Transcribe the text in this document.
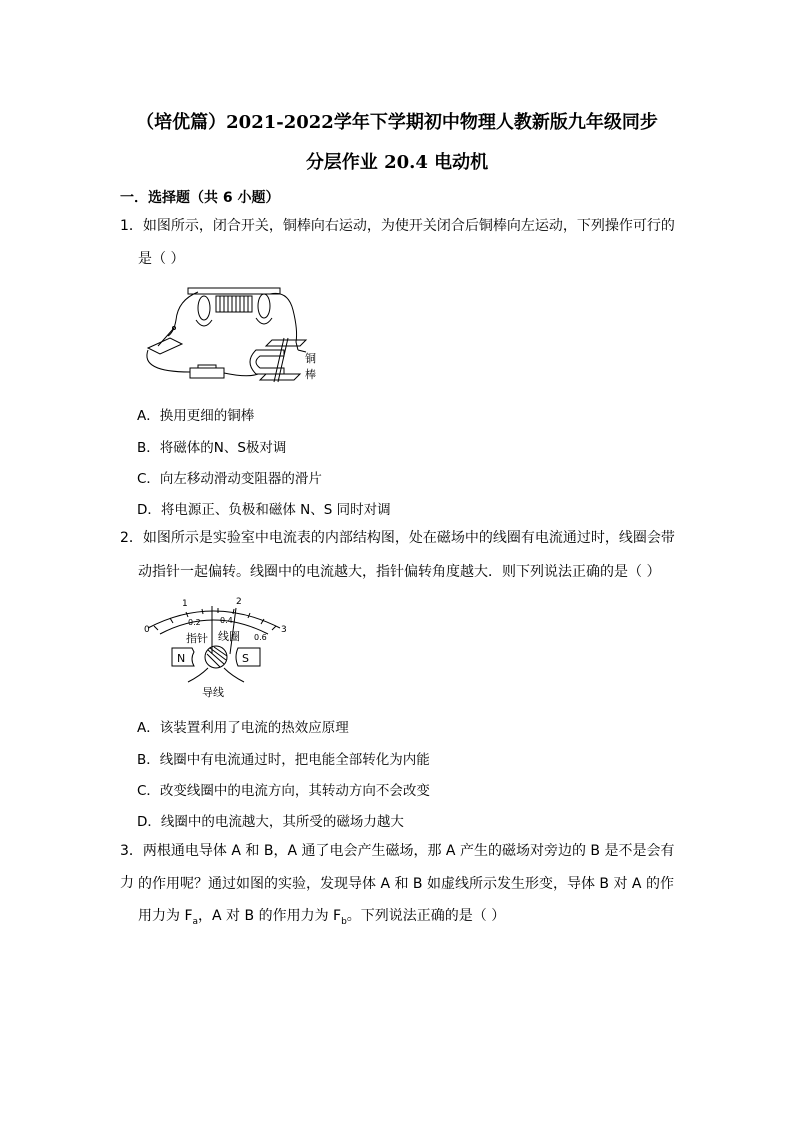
（培优篇）2021-2022学年下学期初中物理人教新版九年级同步
分层作业 20.4 电动机
一．选择题（共 6 小题）
1．如图所示，闭合开关，铜棒向右运动，为使开关闭合后铜棒向左运动，下列操作可行的
是（ ）
铜
棒
A．换用更细的铜棒
B．将磁体的N、S极对调
C．向左移动滑动变阻器的滑片
D．将电源正、负极和磁体 N、S 同时对调
2．如图所示是实验室中电流表的内部结构图，处在磁场中的线圈有电流通过时，线圈会带
动指针一起偏转。线圈中的电流越大，指针偏转角度越大．则下列说法正确的是（ ）
0
1	2
3
0.2 0.4
0.6
指针 线圈
N	S
导线
A．该装置利用了电流的热效应原理
B．线圈中有电流通过时，把电能全部转化为内能
C．改变线圈中的电流方向，其转动方向不会改变
D．线圈中的电流越大，其所受的磁场力越大
3．两根通电导体 A 和 B，A 通了电会产生磁场，那 A 产生的磁场对旁边的 B 是不是会有力 的作用呢？通过如图的实验，发现导体 A 和 B 如虚线所示发生形变，导体 B 对 A 的作
用力为 $F_a$，A 对 B 的作用力为 $F_b$。下列说法正确的是（ ）
